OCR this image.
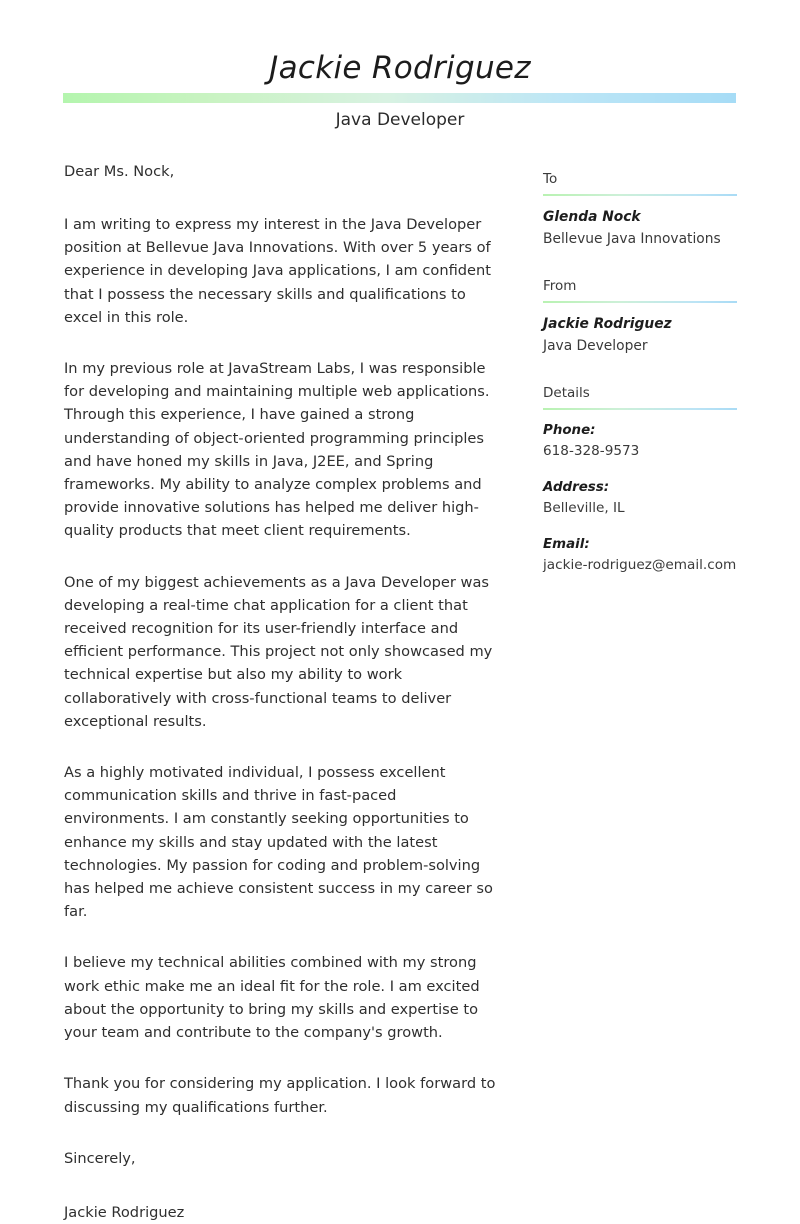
Jackie Rodriguez
Java Developer

Dear Ms. Nock,

I am writing to express my interest in the Java Developer position at Bellevue Java Innovations. With over 5 years of experience in developing Java applications, I am confident that I possess the necessary skills and qualifications to excel in this role.

In my previous role at JavaStream Labs, I was responsible for developing and maintaining multiple web applications. Through this experience, I have gained a strong understanding of object-oriented programming principles and have honed my skills in Java, J2EE, and Spring frameworks. My ability to analyze complex problems and provide innovative solutions has helped me deliver high-quality products that meet client requirements.

One of my biggest achievements as a Java Developer was developing a real-time chat application for a client that received recognition for its user-friendly interface and efficient performance. This project not only showcased my technical expertise but also my ability to work collaboratively with cross-functional teams to deliver exceptional results.

As a highly motivated individual, I possess excellent communication skills and thrive in fast-paced environments. I am constantly seeking opportunities to enhance my skills and stay updated with the latest technologies. My passion for coding and problem-solving has helped me achieve consistent success in my career so far.

I believe my technical abilities combined with my strong work ethic make me an ideal fit for the role. I am excited about the opportunity to bring my skills and expertise to your team and contribute to the company's growth.

Thank you for considering my application. I look forward to discussing my qualifications further.

Sincerely,

Jackie Rodriguez

To

Glenda Nock

Bellevue Java Innovations

From

Jackie Rodriguez

Java Developer

Details

Phone:

618-328-9573

Address:

Belleville, IL

Email:

jackie-rodriguez@email.com
